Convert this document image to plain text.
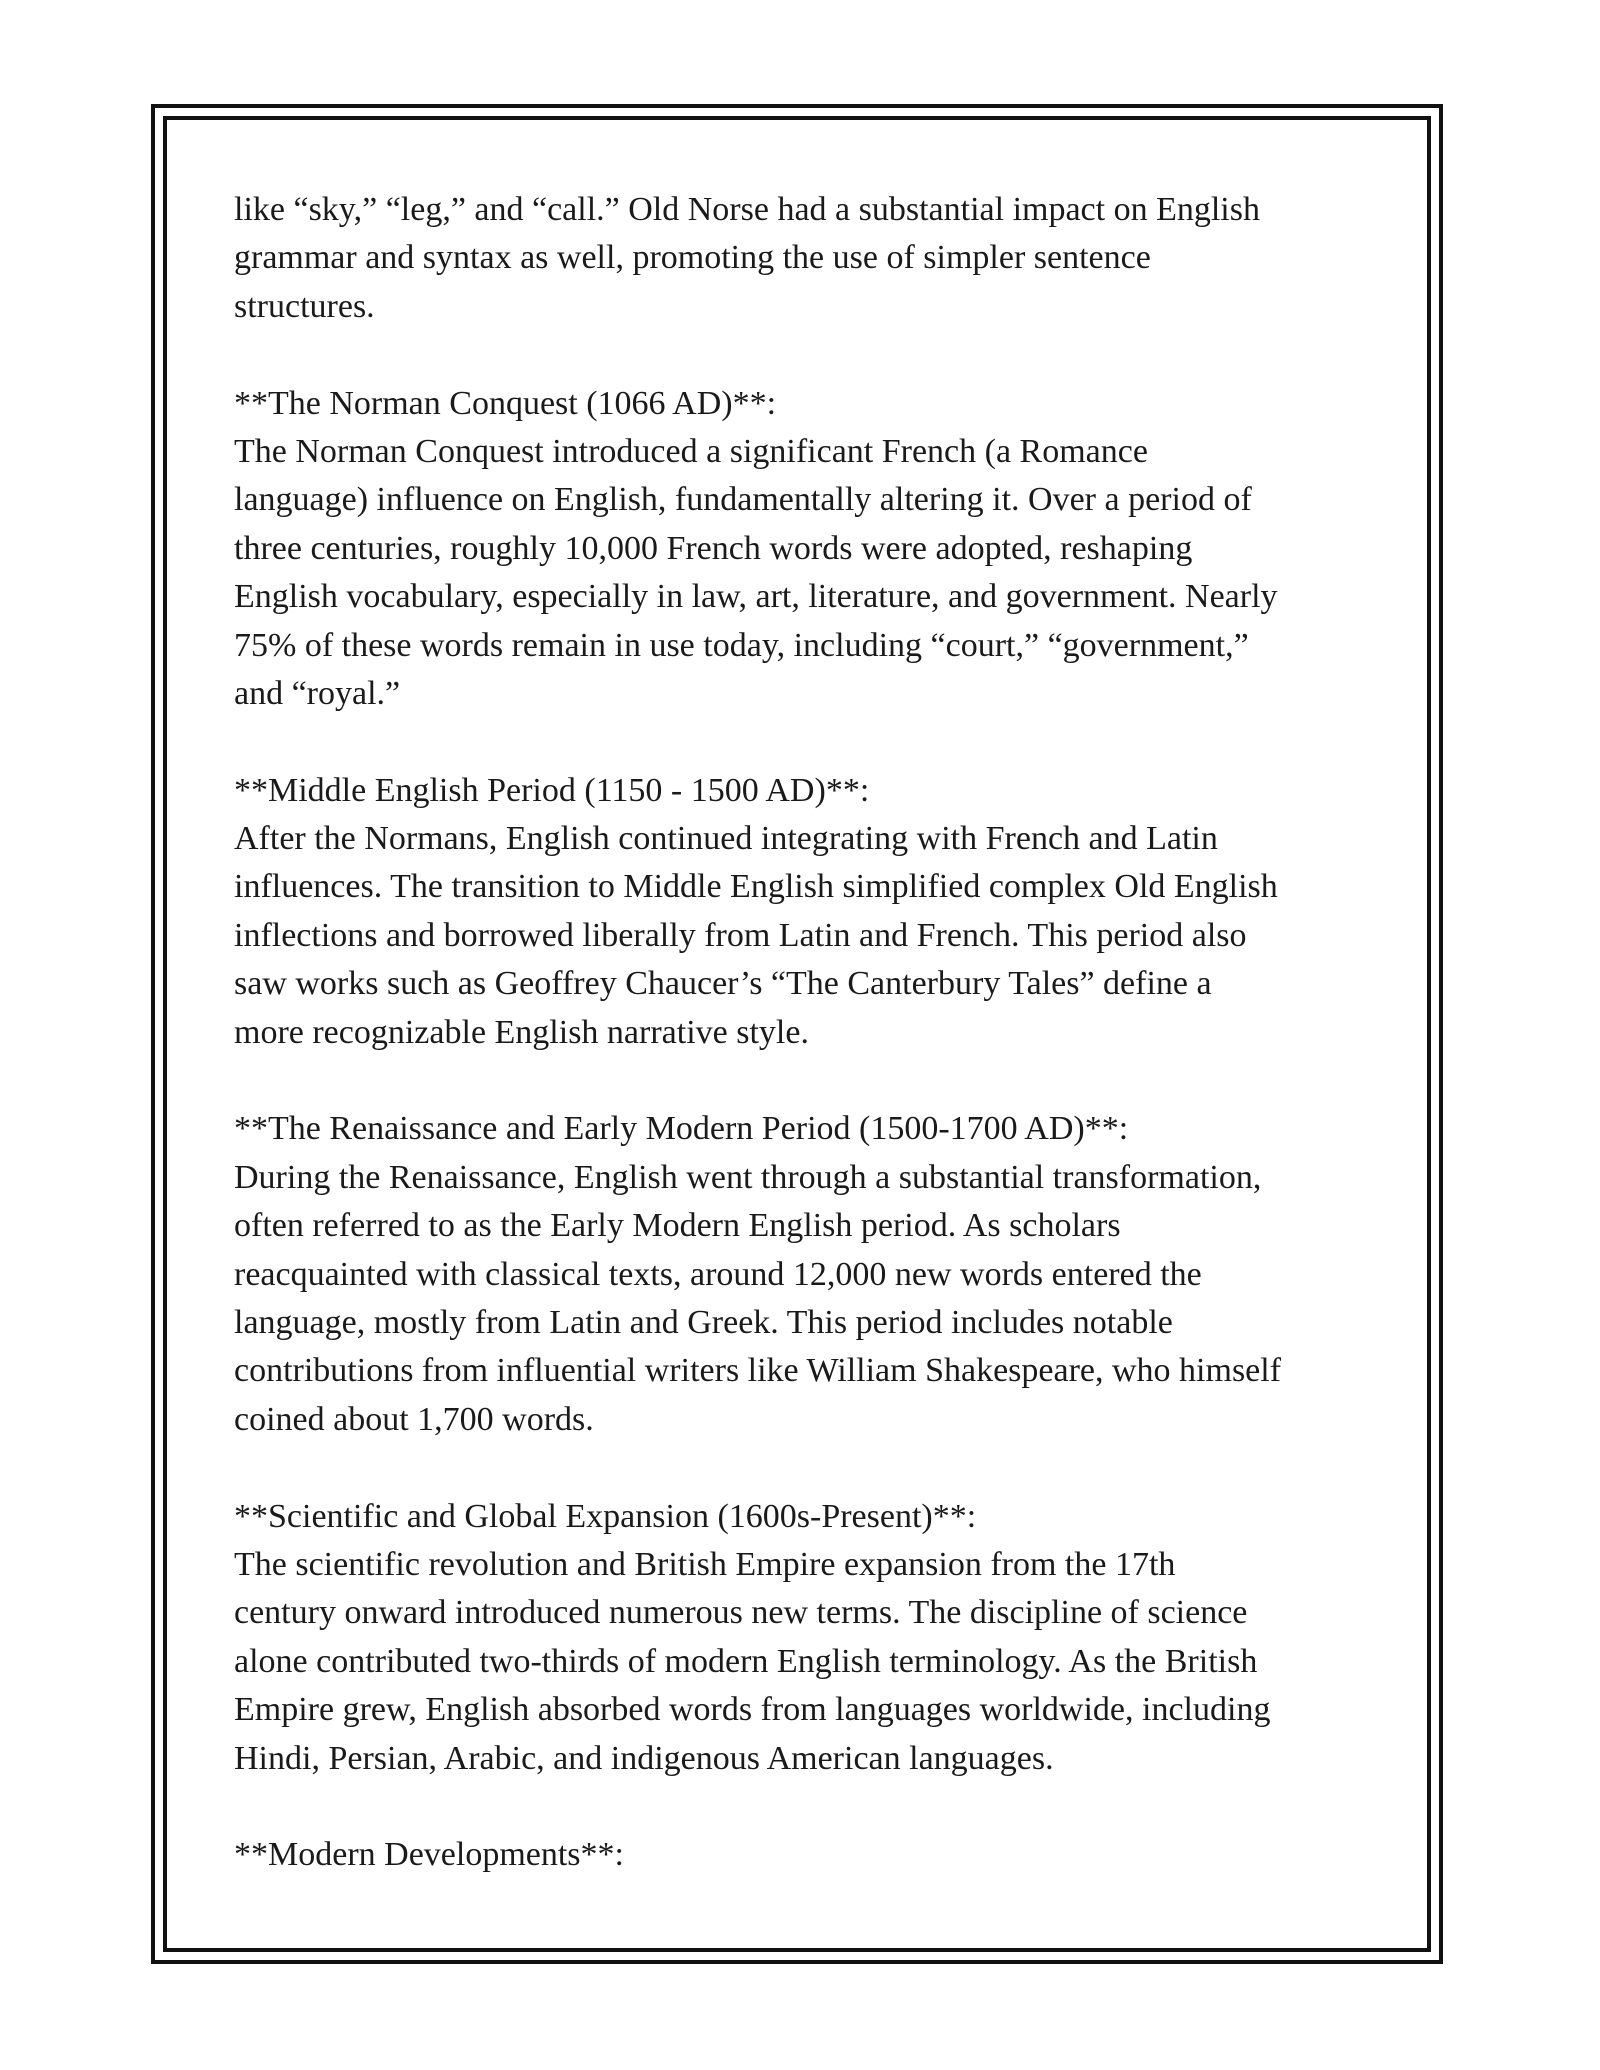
like “sky,” “leg,” and “call.” Old Norse had a substantial impact on English
grammar and syntax as well, promoting the use of simpler sentence
structures.
**The Norman Conquest (1066 AD)**:
The Norman Conquest introduced a significant French (a Romance
language) influence on English, fundamentally altering it. Over a period of
three centuries, roughly 10,000 French words were adopted, reshaping
English vocabulary, especially in law, art, literature, and government. Nearly
75% of these words remain in use today, including “court,” “government,”
and “royal.”
**Middle English Period (1150 - 1500 AD)**:
After the Normans, English continued integrating with French and Latin
influences. The transition to Middle English simplified complex Old English
inflections and borrowed liberally from Latin and French. This period also
saw works such as Geoffrey Chaucer’s “The Canterbury Tales” define a
more recognizable English narrative style.
**The Renaissance and Early Modern Period (1500-1700 AD)**:
During the Renaissance, English went through a substantial transformation,
often referred to as the Early Modern English period. As scholars
reacquainted with classical texts, around 12,000 new words entered the
language, mostly from Latin and Greek. This period includes notable
contributions from influential writers like William Shakespeare, who himself
coined about 1,700 words.
**Scientific and Global Expansion (1600s-Present)**:
The scientific revolution and British Empire expansion from the 17th
century onward introduced numerous new terms. The discipline of science
alone contributed two-thirds of modern English terminology. As the British
Empire grew, English absorbed words from languages worldwide, including
Hindi, Persian, Arabic, and indigenous American languages.
**Modern Developments**:
